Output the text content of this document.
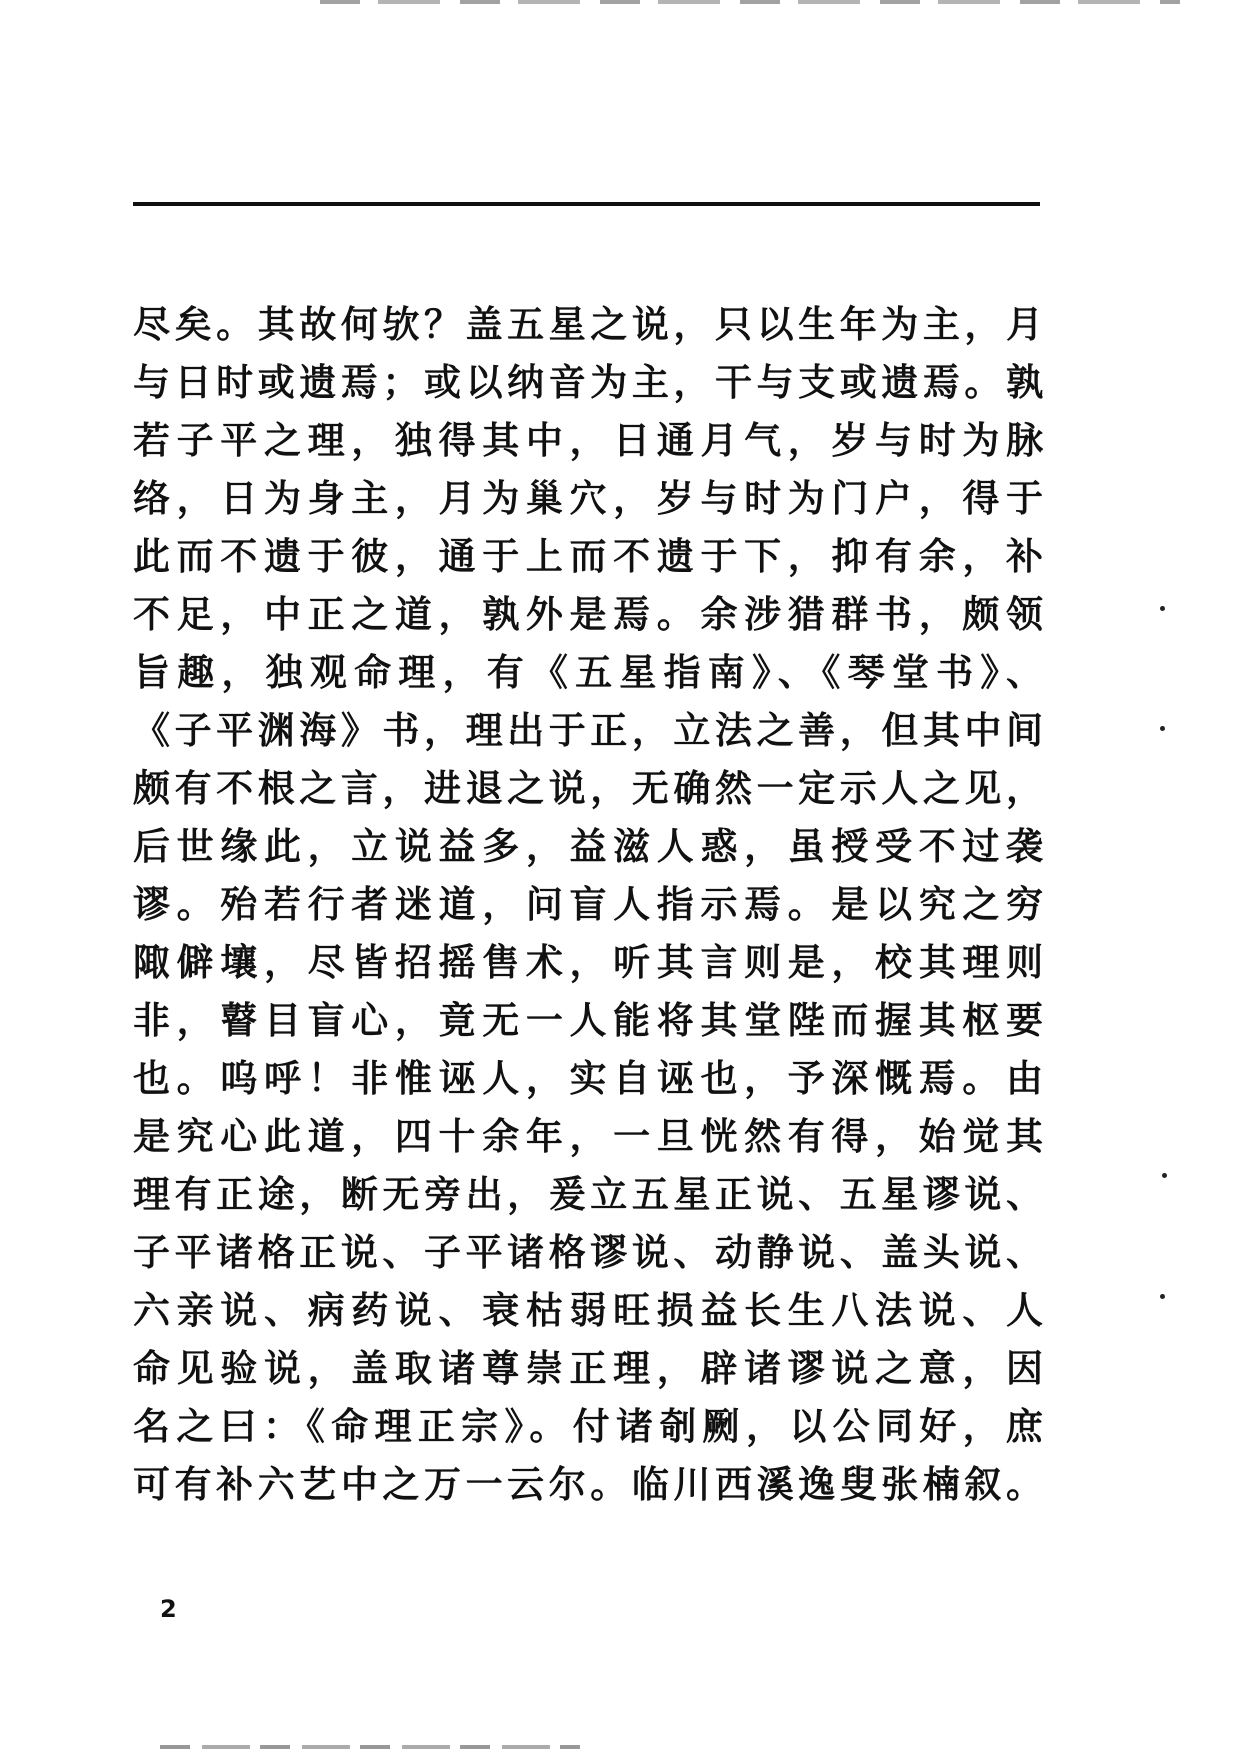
尽矣。其故何欤？盖五星之说，只以生年为主，月
与日时或遗焉；或以纳音为主，干与支或遗焉。孰
若子平之理，独得其中，日通月气，岁与时为脉
络，日为身主，月为巢穴，岁与时为门户，得于
此而不遗于彼，通于上而不遗于下，抑有余，补
不足，中正之道，孰外是焉。余涉猎群书，颇领
旨趣，独观命理，有《五星指南》、《琴堂书》、
《子平渊海》书，理出于正，立法之善，但其中间
颇有不根之言，进退之说，无确然一定示人之见，
后世缘此，立说益多，益滋人惑，虽授受不过袭
谬。殆若行者迷道，问盲人指示焉。是以究之穷
陬僻壤，尽皆招摇售术，听其言则是，校其理则
非，瞽目盲心，竟无一人能将其堂陛而握其枢要
也。呜呼！非惟诬人，实自诬也，予深慨焉。由
是究心此道，四十余年，一旦恍然有得，始觉其
理有正途，断无旁出，爰立五星正说、五星谬说、
子平诸格正说、子平诸格谬说、动静说、盖头说、
六亲说、病药说、衰枯弱旺损益长生八法说、人
命见验说，盖取诸尊崇正理，辟诸谬说之意，因
名之曰：《命理正宗》。付诸剞劂，以公同好，庶
可有补六艺中之万一云尔。临川西溪逸叟张楠叙。
2
